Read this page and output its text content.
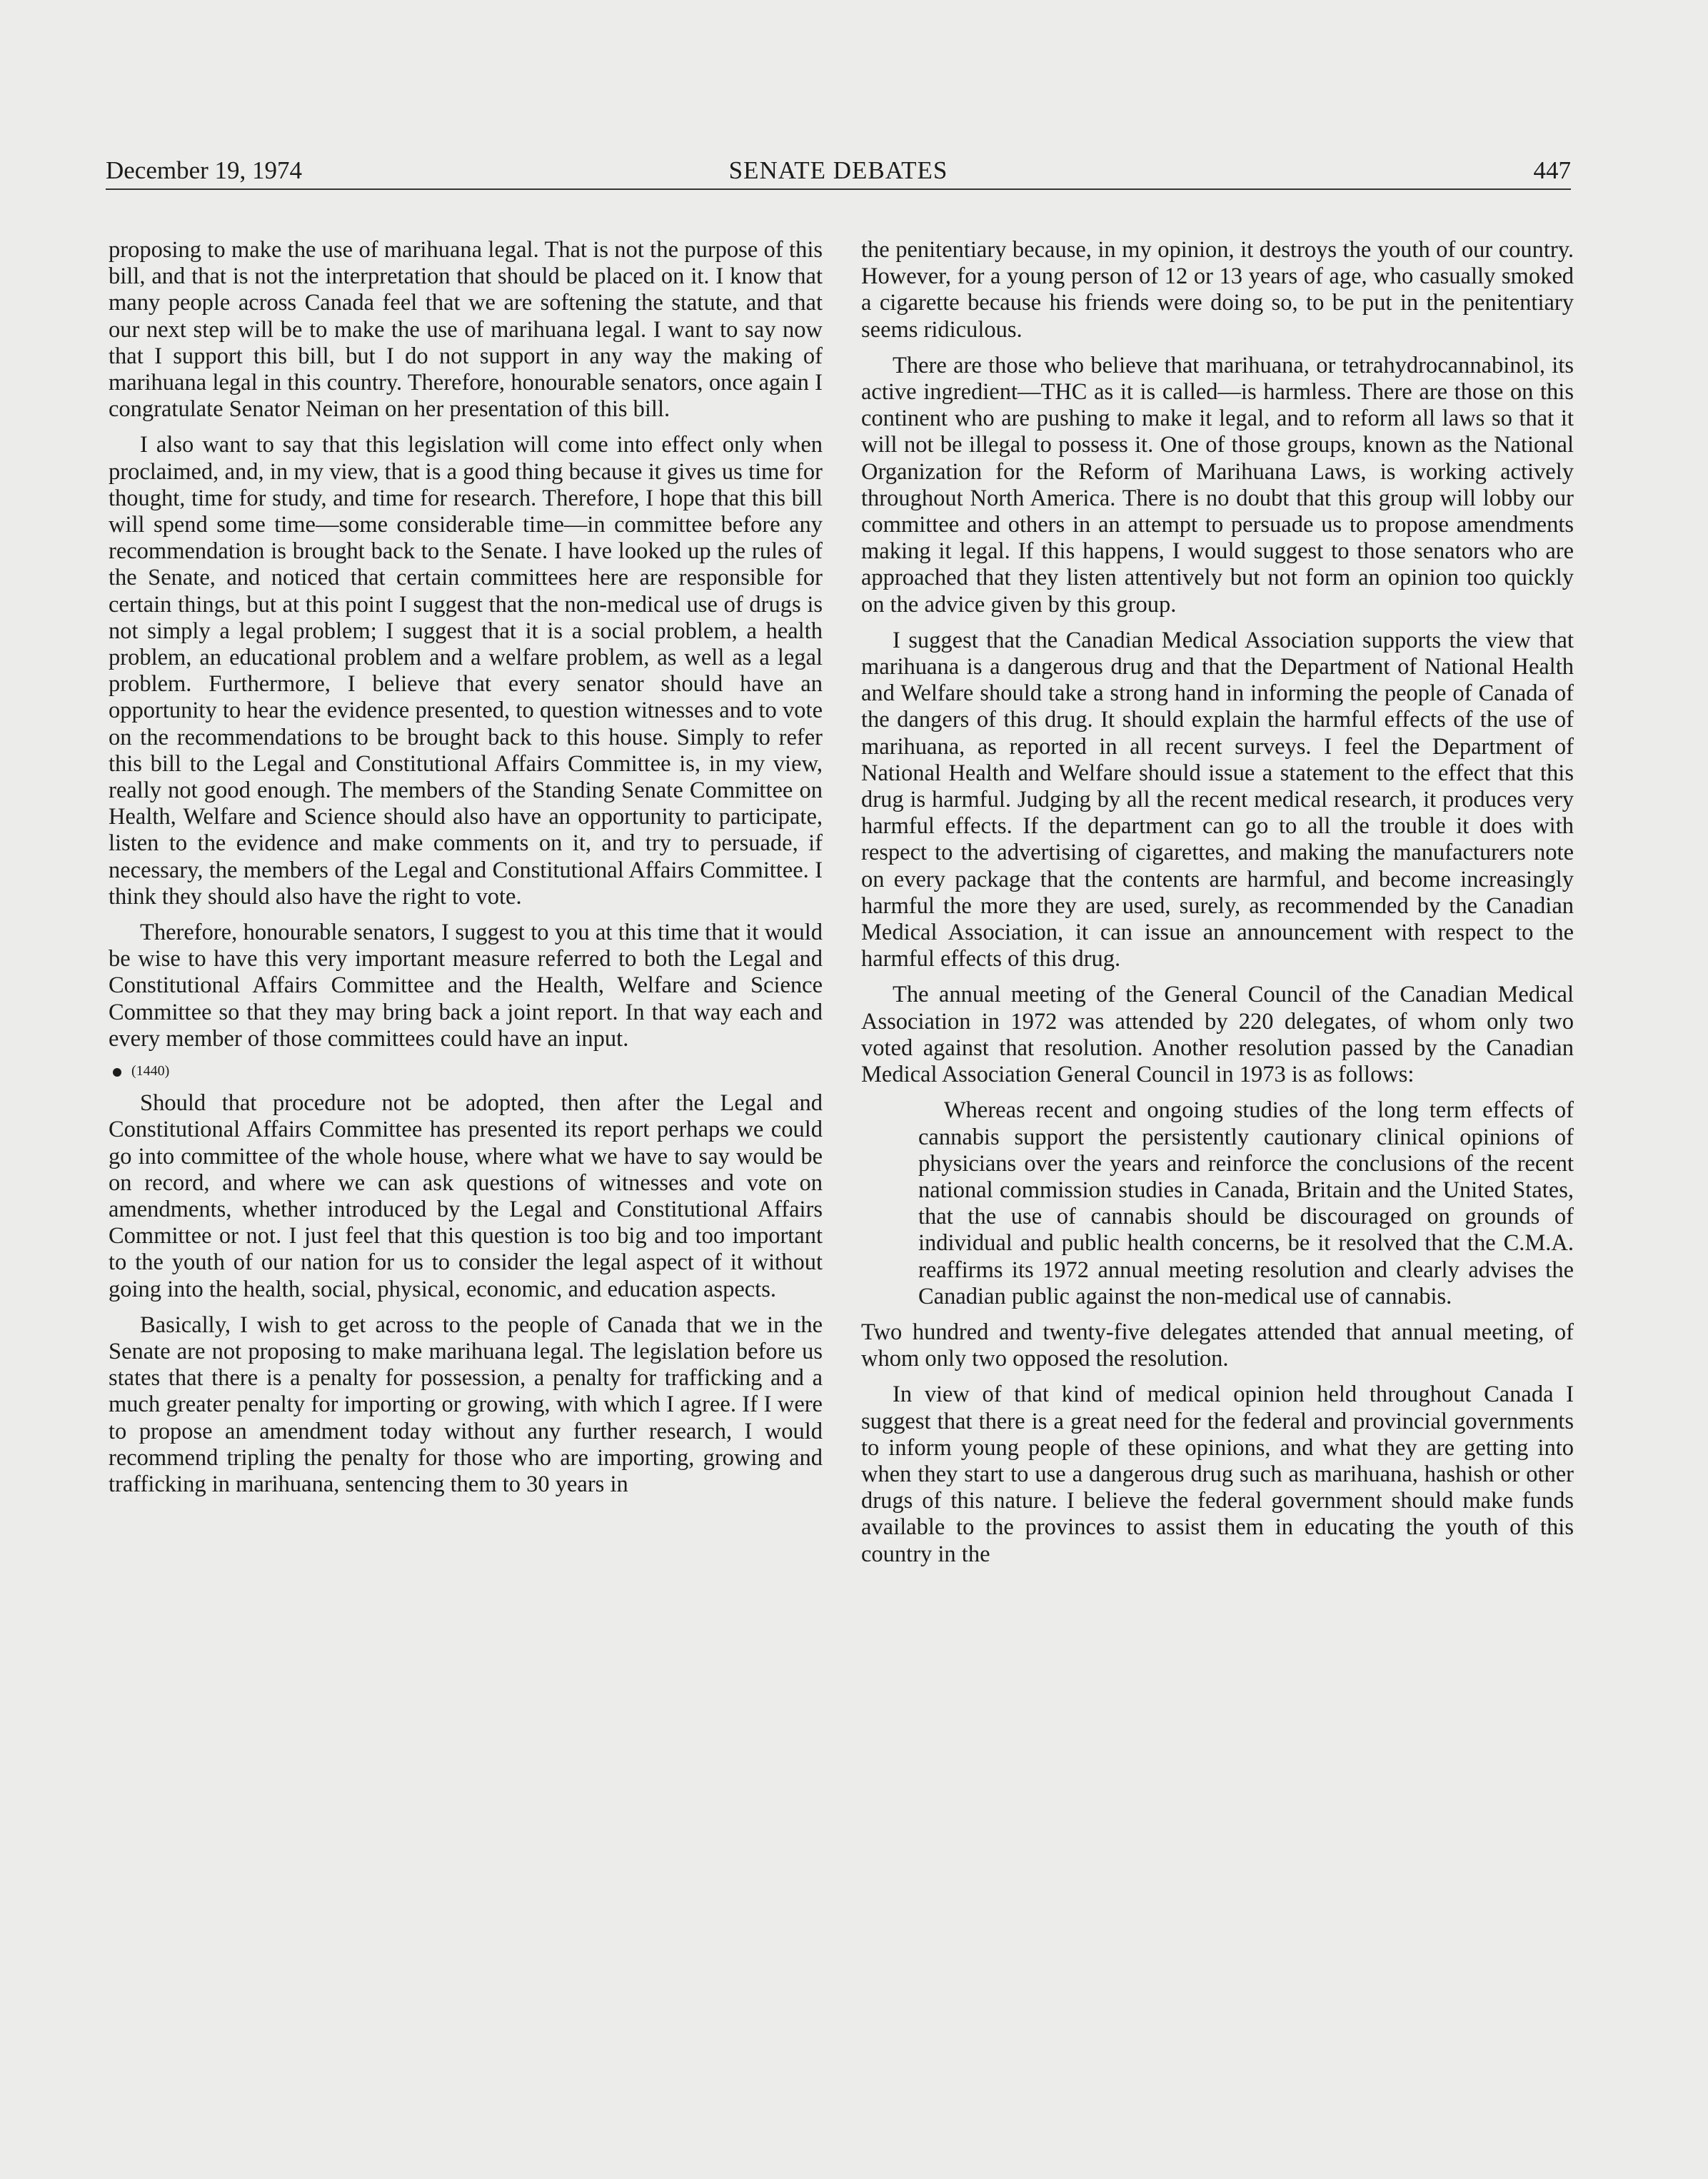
December 19, 1974	SENATE DEBATES	447

proposing to make the use of marihuana legal. That is not the purpose of this bill, and that is not the interpretation that should be placed on it. I know that many people across Canada feel that we are softening the statute, and that our next step will be to make the use of marihuana legal. I want to say now that I support this bill, but I do not support in any way the making of marihuana legal in this country. Therefore, honourable senators, once again I congratulate Senator Neiman on her presentation of this bill.

I also want to say that this legislation will come into effect only when proclaimed, and, in my view, that is a good thing because it gives us time for thought, time for study, and time for research. Therefore, I hope that this bill will spend some time—some considerable time—in committee before any recommendation is brought back to the Senate. I have looked up the rules of the Senate, and noticed that certain committees here are responsible for certain things, but at this point I suggest that the non-medical use of drugs is not simply a legal problem; I suggest that it is a social problem, a health problem, an educational problem and a welfare problem, as well as a legal problem. Furthermore, I believe that every senator should have an opportunity to hear the evidence presented, to question witnesses and to vote on the recommendations to be brought back to this house. Simply to refer this bill to the Legal and Constitutional Affairs Committee is, in my view, really not good enough. The members of the Standing Senate Committee on Health, Welfare and Science should also have an opportunity to participate, listen to the evidence and make comments on it, and try to persuade, if necessary, the members of the Legal and Constitutional Affairs Committee. I think they should also have the right to vote.

Therefore, honourable senators, I suggest to you at this time that it would be wise to have this very important measure referred to both the Legal and Constitutional Affairs Committee and the Health, Welfare and Science Committee so that they may bring back a joint report. In that way each and every member of those committees could have an input.

(1440)

Should that procedure not be adopted, then after the Legal and Constitutional Affairs Committee has presented its report perhaps we could go into committee of the whole house, where what we have to say would be on record, and where we can ask questions of witnesses and vote on amendments, whether introduced by the Legal and Constitutional Affairs Committee or not. I just feel that this question is too big and too important to the youth of our nation for us to consider the legal aspect of it without going into the health, social, physical, economic, and education aspects.

Basically, I wish to get across to the people of Canada that we in the Senate are not proposing to make marihuana legal. The legislation before us states that there is a penalty for possession, a penalty for trafficking and a much greater penalty for importing or growing, with which I agree. If I were to propose an amendment today without any further research, I would recommend tripling the penalty for those who are importing, growing and trafficking in marihuana, sentencing them to 30 years in

the penitentiary because, in my opinion, it destroys the youth of our country. However, for a young person of 12 or 13 years of age, who casually smoked a cigarette because his friends were doing so, to be put in the penitentiary seems ridiculous.

There are those who believe that marihuana, or tetrahydrocannabinol, its active ingredient—THC as it is called—is harmless. There are those on this continent who are pushing to make it legal, and to reform all laws so that it will not be illegal to possess it. One of those groups, known as the National Organization for the Reform of Marihuana Laws, is working actively throughout North America. There is no doubt that this group will lobby our committee and others in an attempt to persuade us to propose amendments making it legal. If this happens, I would suggest to those senators who are approached that they listen attentively but not form an opinion too quickly on the advice given by this group.

I suggest that the Canadian Medical Association supports the view that marihuana is a dangerous drug and that the Department of National Health and Welfare should take a strong hand in informing the people of Canada of the dangers of this drug. It should explain the harmful effects of the use of marihuana, as reported in all recent surveys. I feel the Department of National Health and Welfare should issue a statement to the effect that this drug is harmful. Judging by all the recent medical research, it produces very harmful effects. If the department can go to all the trouble it does with respect to the advertising of cigarettes, and making the manufacturers note on every package that the contents are harmful, and become increasingly harmful the more they are used, surely, as recommended by the Canadian Medical Association, it can issue an announcement with respect to the harmful effects of this drug.

The annual meeting of the General Council of the Canadian Medical Association in 1972 was attended by 220 delegates, of whom only two voted against that resolution. Another resolution passed by the Canadian Medical Association General Council in 1973 is as follows:

Whereas recent and ongoing studies of the long term effects of cannabis support the persistently cautionary clinical opinions of physicians over the years and reinforce the conclusions of the recent national commission studies in Canada, Britain and the United States, that the use of cannabis should be discouraged on grounds of individual and public health concerns, be it resolved that the C.M.A. reaffirms its 1972 annual meeting resolution and clearly advises the Canadian public against the non-medical use of cannabis.

Two hundred and twenty-five delegates attended that annual meeting, of whom only two opposed the resolution.

In view of that kind of medical opinion held throughout Canada I suggest that there is a great need for the federal and provincial governments to inform young people of these opinions, and what they are getting into when they start to use a dangerous drug such as marihuana, hashish or other drugs of this nature. I believe the federal government should make funds available to the provinces to assist them in educating the youth of this country in the
